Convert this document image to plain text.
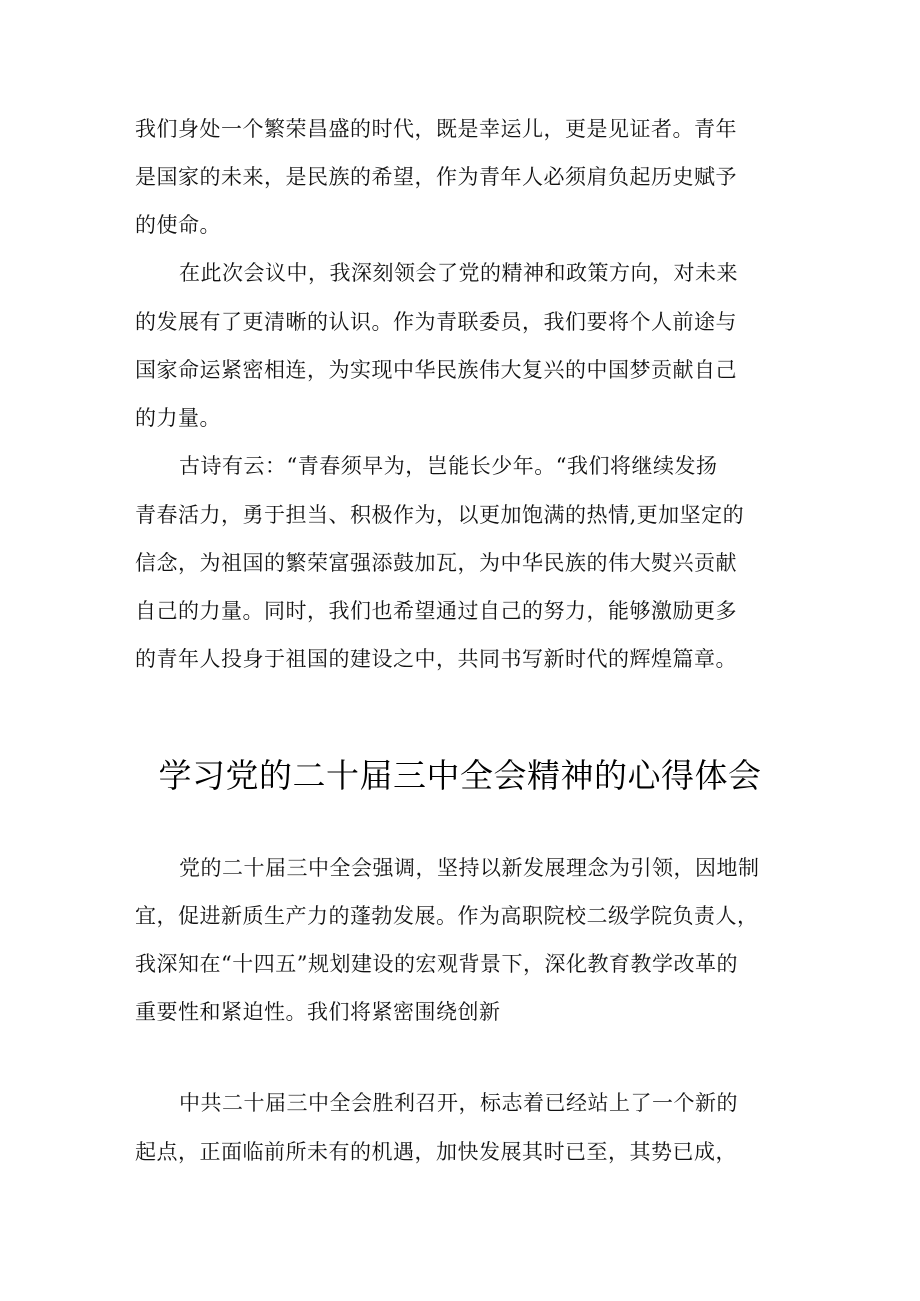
我们身处一个繁荣昌盛的时代，既是幸运儿，更是见证者。青年
是国家的未来，是民族的希望，作为青年人必须肩负起历史赋予
的使命。
在此次会议中，我深刻领会了党的精神和政策方向，对未来
的发展有了更清晰的认识。作为青联委员，我们要将个人前途与
国家命运紧密相连，为实现中华民族伟大复兴的中国梦贡献自己
的力量。
古诗有云：“青春须早为，岂能长少年。“我们将继续发扬
青春活力，勇于担当、积极作为，以更加饱满的热情,更加坚定的
信念，为祖国的繁荣富强添鼓加瓦，为中华民族的伟大熨兴贡献
自己的力量。同时，我们也希望通过自己的努力，能够激励更多
的青年人投身于祖国的建设之中，共同书写新时代的辉煌篇章。
学习党的二十届三中全会精神的心得体会
党的二十届三中全会强调，坚持以新发展理念为引领，因地制
宜，促进新质生产力的蓬勃发展。作为高职院校二级学院负责人，
我深知在“十四五”规划建设的宏观背景下，深化教育教学改革的
重要性和紧迫性。我们将紧密围绕创新
中共二十届三中全会胜利召开，标志着已经站上了一个新的
起点，正面临前所未有的机遇，加快发展其时已至，其势已成，
